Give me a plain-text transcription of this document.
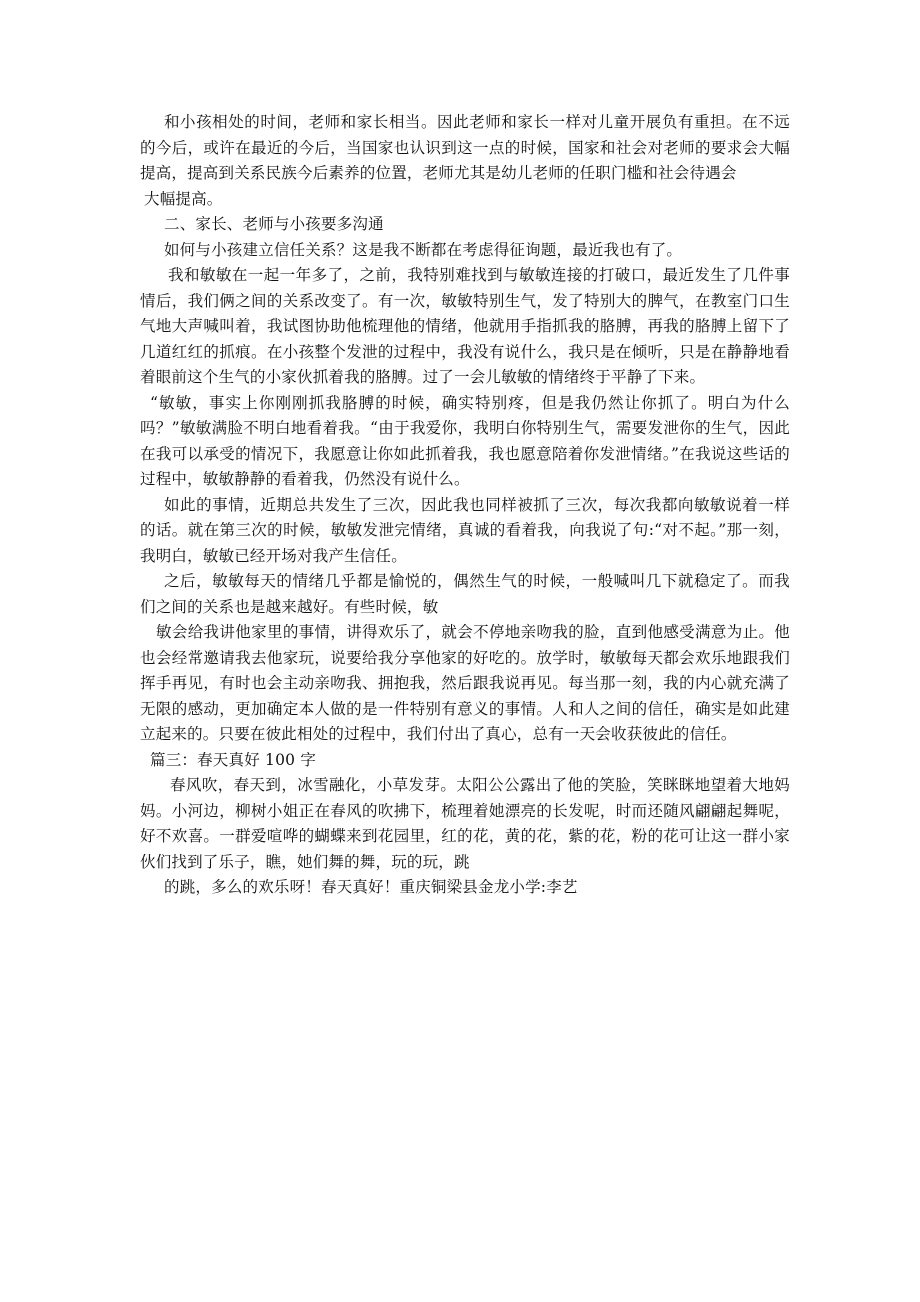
和小孩相处的时间，老师和家长相当。因此老师和家长一样对儿童开展负有重担。在不远的今后，或许在最近的今后，当国家也认识到这一点的时候，国家和社会对老师的要求会大幅提高，提高到关系民族今后素养的位置，老师尤其是幼儿老师的任职门槛和社会待遇会

大幅提高。

二、家长、老师与小孩要多沟通

如何与小孩建立信任关系？这是我不断都在考虑得征询题，最近我也有了。

我和敏敏在一起一年多了，之前，我特别难找到与敏敏连接的打破口，最近发生了几件事情后，我们俩之间的关系改变了。有一次，敏敏特别生气，发了特别大的脾气，在教室门口生气地大声喊叫着，我试图协助他梳理他的情绪，他就用手指抓我的胳膊，再我的胳膊上留下了几道红红的抓痕。在小孩整个发泄的过程中，我没有说什么，我只是在倾听，只是在静静地看着眼前这个生气的小家伙抓着我的胳膊。过了一会儿敏敏的情绪终于平静了下来。

“敏敏，事实上你刚刚抓我胳膊的时候，确实特别疼，但是我仍然让你抓了。明白为什么吗？”敏敏满脸不明白地看着我。“由于我爱你，我明白你特别生气，需要发泄你的生气，因此在我可以承受的情况下，我愿意让你如此抓着我，我也愿意陪着你发泄情绪。”在我说这些话的过程中，敏敏静静的看着我，仍然没有说什么。

如此的事情，近期总共发生了三次，因此我也同样被抓了三次，每次我都向敏敏说着一样的话。就在第三次的时候，敏敏发泄完情绪，真诚的看着我，向我说了句:“对不起。”那一刻，我明白，敏敏已经开场对我产生信任。

之后，敏敏每天的情绪几乎都是愉悦的，偶然生气的时候，一般喊叫几下就稳定了。而我们之间的关系也是越来越好。有些时候，敏

敏会给我讲他家里的事情，讲得欢乐了，就会不停地亲吻我的脸，直到他感受满意为止。他也会经常邀请我去他家玩，说要给我分享他家的好吃的。放学时，敏敏每天都会欢乐地跟我们挥手再见，有时也会主动亲吻我、拥抱我，然后跟我说再见。每当那一刻，我的内心就充满了无限的感动，更加确定本人做的是一件特别有意义的事情。人和人之间的信任，确实是如此建立起来的。只要在彼此相处的过程中，我们付出了真心，总有一天会收获彼此的信任。

篇三：春天真好 100 字

春风吹，春天到，冰雪融化，小草发芽。太阳公公露出了他的笑脸，笑眯眯地望着大地妈妈。小河边，柳树小姐正在春风的吹拂下，梳理着她漂亮的长发呢，时而还随风翩翩起舞呢，好不欢喜。一群爱喧哗的蝴蝶来到花园里，红的花，黄的花，紫的花，粉的花可让这一群小家伙们找到了乐子，瞧，她们舞的舞，玩的玩，跳

的跳，多么的欢乐呀！春天真好！重庆铜梁县金龙小学:李艺
